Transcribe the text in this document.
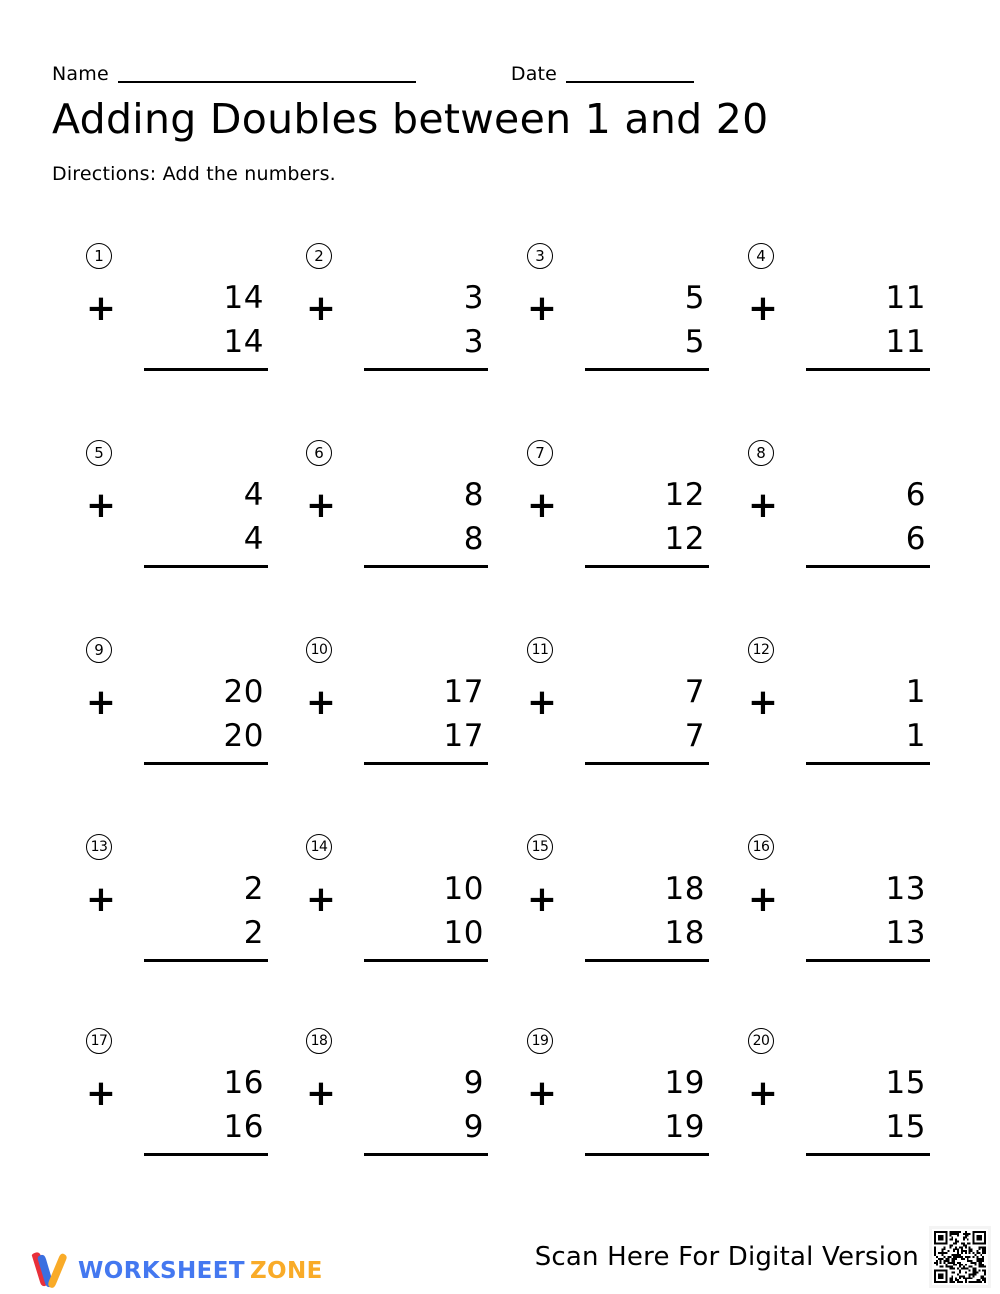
Name	Date
Adding Doubles between 1 and 20
Directions: Add the numbers.
1
+	14
14
2
+	3
3
3
+	5
5
4
+	11
11
5
+	4
4
6
+	8
8
7
+	12
12
8
+	6
6
9
+	20
20
10
+	17
17
11
+	7
7
12
+	1
1
13
+	2
2
14
+	10
10
15
+	18
18
16
+	13
13
17
+	16
16
18
+	9
9
19
+	19
19
20
+	15
15
WORKSHEET ZONE	Scan Here For Digital Version
